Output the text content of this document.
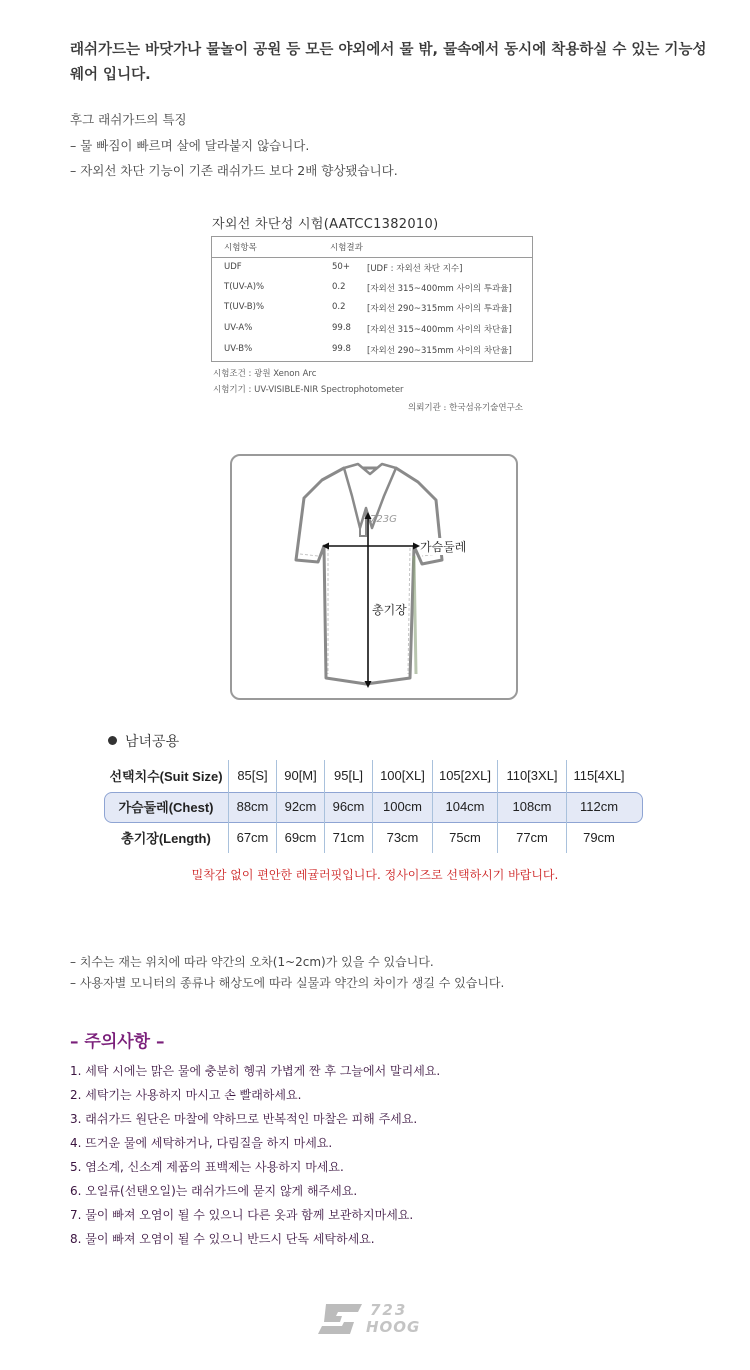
래쉬가드는 바닷가나 물놀이 공원 등 모든 야외에서 물 밖, 물속에서 동시에 착용하실 수 있는 기능성 웨어 입니다.
후그 래쉬가드의 특징
– 물 빠짐이 빠르며 살에 달라붙지 않습니다.
– 자외선 차단 기능이 기존 래쉬가드 보다 2배 향상됐습니다.
자외선 차단성 시험(AATCC1382010)
시험항목	시험결과
UDF	50+ [UDF : 자외선 차단 지수]
T(UV-A)%	0.2	[자외선 315~400mm 사이의 투과율]
T(UV-B)%	0.2	[자외선 290~315mm 사이의 투과율]
UV-A%	99.8 [자외선 315~400mm 사이의 차단율]
UV-B%	99.8 [자외선 290~315mm 사이의 차단율]
시험조건 : 광원 Xenon Arc
시험기기 : UV-VISIBLE-NIR Spectrophotometer
의뢰기관 : 한국섬유기술연구소
723G
가슴둘레
총기장
남녀공용
선택치수(Suit Size)	85[S]	90[M]	95[L]	100[XL]	105[2XL]	110[3XL]	115[4XL]
가슴둘레(Chest)	88cm	92cm	96cm	100cm	104cm	108cm	112cm
총기장(Length)	67cm	69cm	71cm	73cm	75cm	77cm	79cm
밀착감 없이 편안한 레귤러핏입니다. 정사이즈로 선택하시기 바랍니다.
– 치수는 재는 위치에 따라 약간의 오차(1~2cm)가 있을 수 있습니다.
– 사용자별 모니터의 종류나 해상도에 따라 실물과 약간의 차이가 생길 수 있습니다.
– 주의사항 –
1. 세탁 시에는 맑은 물에 충분히 헹궈 가볍게 짠 후 그늘에서 말리세요.
2. 세탁기는 사용하지 마시고 손 빨래하세요.
3. 래쉬가드 원단은 마찰에 약하므로 반복적인 마찰은 피해 주세요.
4. 뜨거운 물에 세탁하거나, 다림질을 하지 마세요.
5. 염소계, 신소계 제품의 표백제는 사용하지 마세요.
6. 오일류(선탠오일)는 래쉬가드에 묻지 않게 해주세요.
7. 물이 빠져 오염이 될 수 있으니 다른 옷과 함께 보관하지마세요.
8. 물이 빠져 오염이 될 수 있으니 반드시 단독 세탁하세요.
723
HOOG
